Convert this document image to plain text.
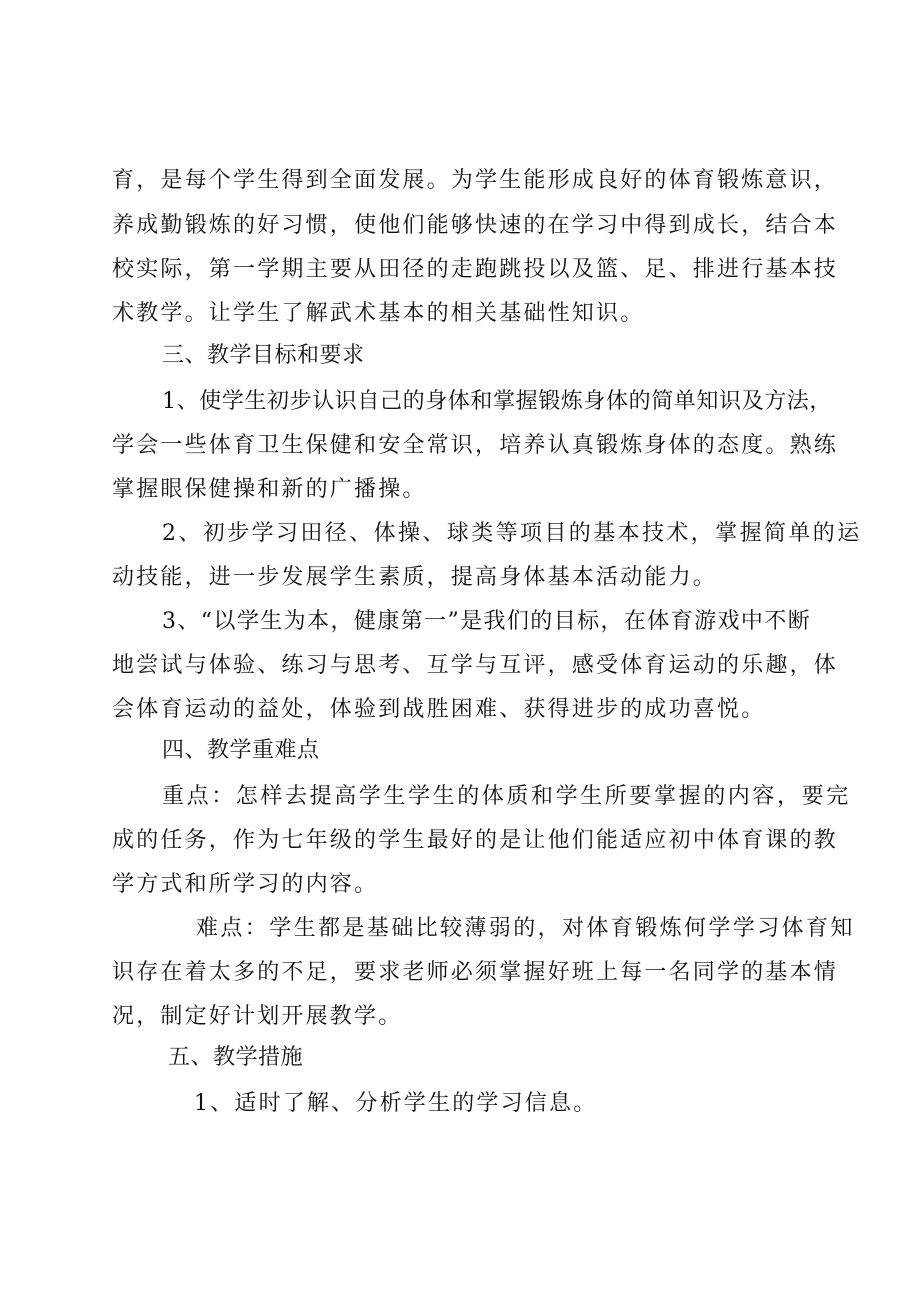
育，是每个学生得到全面发展。为学生能形成良好的体育锻炼意识，
养成勤锻炼的好习惯，使他们能够快速的在学习中得到成长，结合本
校实际，第一学期主要从田径的走跑跳投以及篮、足、排进行基本技
术教学。让学生了解武术基本的相关基础性知识。
三、教学目标和要求
1、使学生初步认识自己的身体和掌握锻炼身体的简单知识及方法，
学会一些体育卫生保健和安全常识，培养认真锻炼身体的态度。熟练
掌握眼保健操和新的广播操。
2、初步学习田径、体操、球类等项目的基本技术，掌握简单的运
动技能，进一步发展学生素质，提高身体基本活动能力。
3、“以学生为本，健康第一”是我们的目标，在体育游戏中不断
地尝试与体验、练习与思考、互学与互评，感受体育运动的乐趣，体
会体育运动的益处，体验到战胜困难、获得进步的成功喜悦。
四、教学重难点
重点：怎样去提高学生学生的体质和学生所要掌握的内容，要完
成的任务，作为七年级的学生最好的是让他们能适应初中体育课的教
学方式和所学习的内容。
难点：学生都是基础比较薄弱的，对体育锻炼何学学习体育知
识存在着太多的不足，要求老师必须掌握好班上每一名同学的基本情
况，制定好计划开展教学。
五、教学措施
1、适时了解、分析学生的学习信息。
